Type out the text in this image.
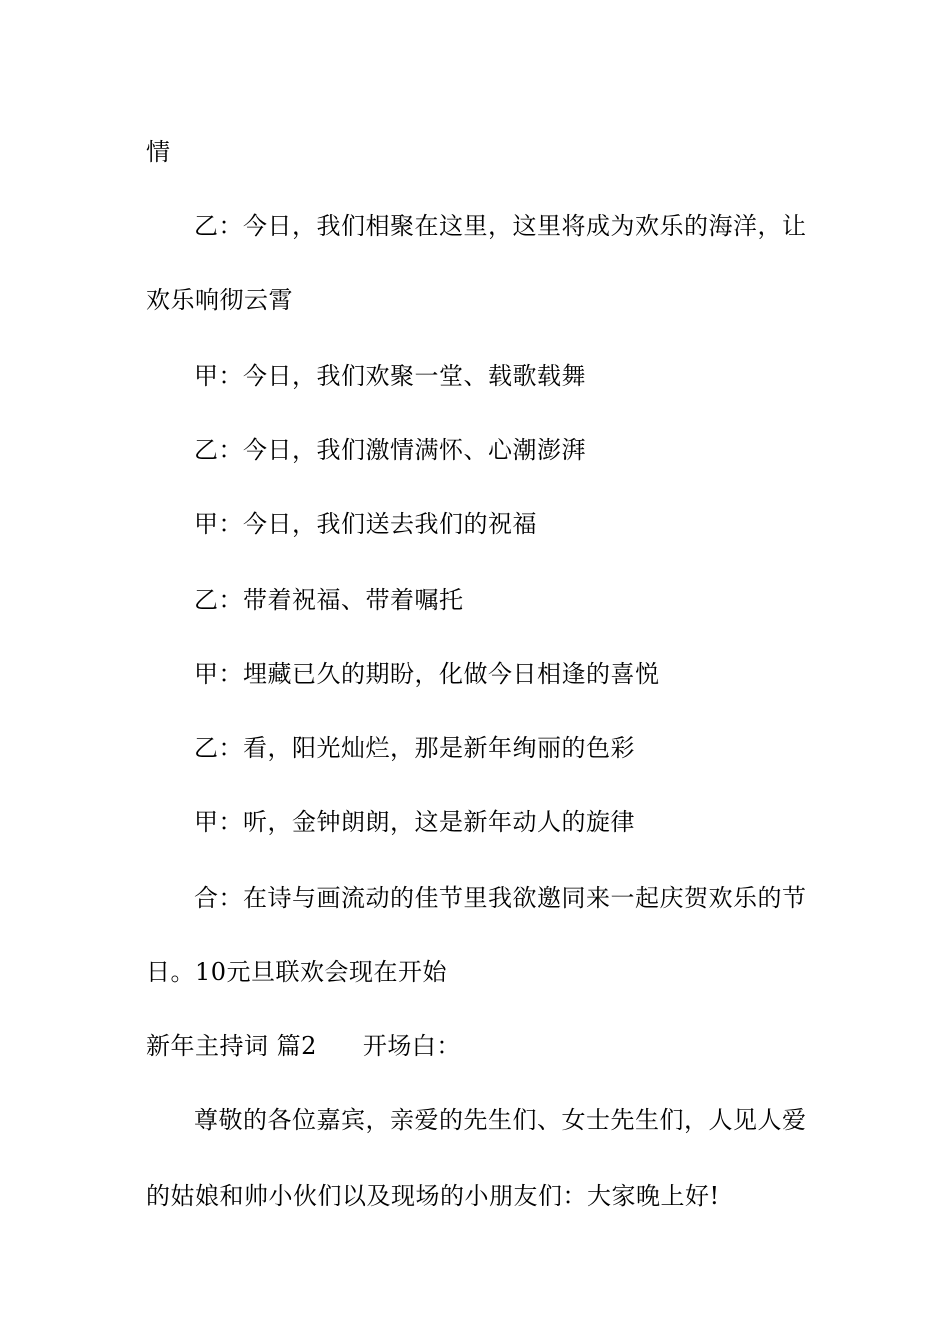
情
乙：今日，我们相聚在这里，这里将成为欢乐的海洋，让
欢乐响彻云霄
甲：今日，我们欢聚一堂、载歌载舞
乙：今日，我们激情满怀、心潮澎湃
甲：今日，我们送去我们的祝福
乙：带着祝福、带着嘱托
甲：埋藏已久的期盼，化做今日相逢的喜悦
乙：看，阳光灿烂，那是新年绚丽的色彩
甲：听，金钟朗朗，这是新年动人的旋律
合：在诗与画流动的佳节里我欲邀同来一起庆贺欢乐的节
日。10元旦联欢会现在开始
新年主持词 篇2 开场白：
尊敬的各位嘉宾，亲爱的先生们、女士先生们，人见人爱
的姑娘和帅小伙们以及现场的小朋友们：大家晚上好!
